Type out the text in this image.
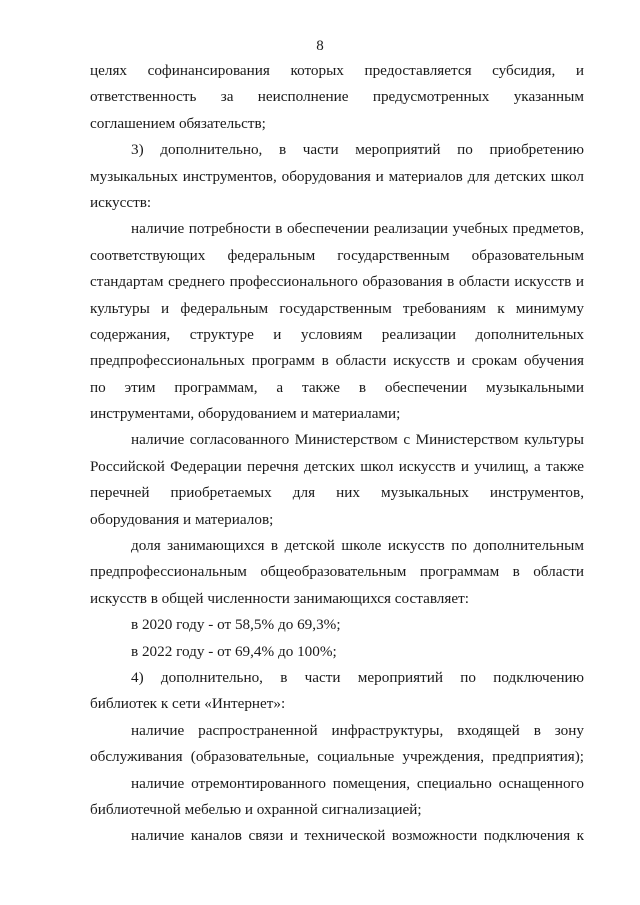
8
целях софинансирования которых предоставляется субсидия, и
ответственность за неисполнение предусмотренных указанным
соглашением обязательств;
3) дополнительно, в части мероприятий по приобретению
музыкальных инструментов, оборудования и материалов для детских школ
искусств:
наличие потребности в обеспечении реализации учебных предметов,
соответствующих федеральным государственным образовательным
стандартам среднего профессионального образования в области искусств и
культуры и федеральным государственным требованиям к минимуму
содержания, структуре и условиям реализации дополнительных
предпрофессиональных программ в области искусств и срокам обучения
по этим программам, а также в обеспечении музыкальными
инструментами, оборудованием и материалами;
наличие согласованного Министерством с Министерством культуры
Российской Федерации перечня детских школ искусств и училищ, а также
перечней приобретаемых для них музыкальных инструментов,
оборудования и материалов;
доля занимающихся в детской школе искусств по дополнительным
предпрофессиональным общеобразовательным программам в области
искусств в общей численности занимающихся составляет:
в 2020 году - от 58,5% до 69,3%;
в 2022 году - от 69,4% до 100%;
4) дополнительно, в части мероприятий по подключению
библиотек к сети «Интернет»:
наличие распространенной инфраструктуры, входящей в зону
обслуживания (образовательные, социальные учреждения, предприятия);
наличие отремонтированного помещения, специально оснащенного
библиотечной мебелью и охранной сигнализацией;
наличие каналов связи и технической возможности подключения к
